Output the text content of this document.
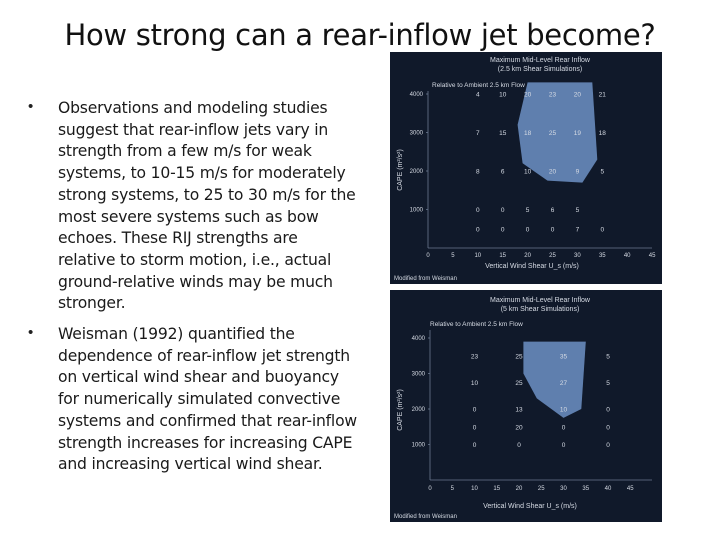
How strong can a rear-inflow jet become?
• Observations and modeling studies suggest that rear-inflow jets vary in strength from a few m/s for weak systems, to 10-15 m/s for moderately strong systems, to 25 to 30 m/s for the most severe systems such as bow echoes. These RIJ strengths are relative to storm motion, i.e., actual ground-relative winds may be much stronger.
• Weisman (1992) quantified the dependence of rear-inflow jet strength on vertical wind shear and buoyancy for numerically simulated convective systems and confirmed that rear-inflow strength increases for increasing CAPE and increasing vertical wind shear.
Maximum Mid-Level Rear Inflow
(2.5 km Shear Simulations)
Relative to Ambient 2.5 km Flow
4000
3000
2000
1000
0	5	10	15	20	25	30	35	40	45
4	10	20	23	20	21
7	15	18	25	19	18
8	6	10	20	9	5
0	0	5	6	5
0	0	0	0	7	0
CAPE (m²/s²)
Vertical Wind Shear U_s (m/s)
Modified from Weisman
Maximum Mid-Level Rear Inflow
(5 km Shear Simulations)
Relative to Ambient 2.5 km Flow
4000
3000
2000
1000
0	5	10	15	20	25	30	35	40	45
23	25	35	5
10	25	27	5
0	13	10	0
0	20	0	0
0	0	0	0
CAPE (m²/s²)
Vertical Wind Shear U_s (m/s)
Modified from Weisman
